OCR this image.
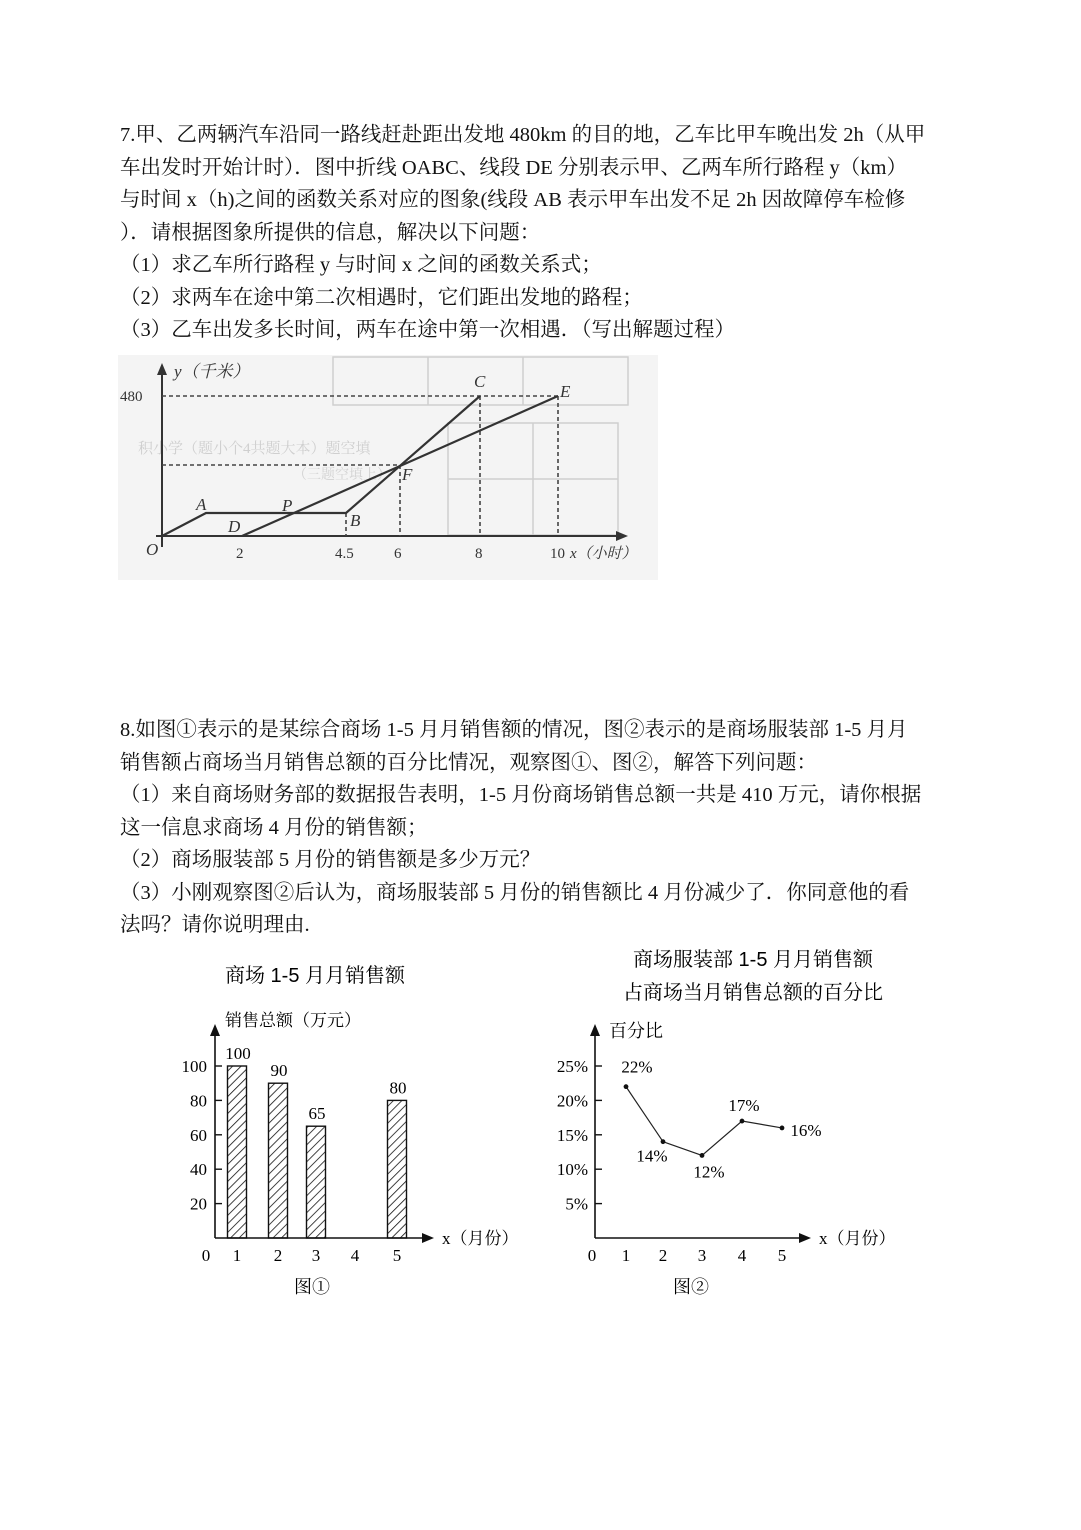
7.甲、乙两辆汽车沿同一路线赶赴距出发地 480km 的目的地，乙车比甲车晚出发 2h（从甲

车出发时开始计时）．图中折线 OABC、线段 DE 分别表示甲、乙两车所行路程 y（km）

与时间 x（h)之间的函数关系对应的图象(线段 AB 表示甲车出发不足 2h 因故障停车检修

）．请根据图象所提供的信息，解决以下问题：

（1）求乙车所行路程 y 与时间 x 之间的函数关系式；

（2）求两车在途中第二次相遇时，它们距出发地的路程；

（3）乙车出发多长时间，两车在途中第一次相遇．（写出解题过程）

积小学（题小个4共题大本）题空填
（三题空填上）
y（千米）
O
A
B
C
D
E
F
P
480
2	4.5	6	8	10 x（小时）

8.如图①表示的是某综合商场 1-5 月月销售额的情况，图②表示的是商场服装部 1-5 月月

销售额占商场当月销售总额的百分比情况，观察图①、图②，解答下列问题：

（1）来自商场财务部的数据报告表明，1-5 月份商场销售总额一共是 410 万元，请你根据

这一信息求商场 4 月份的销售额；

（2）商场服装部 5 月份的销售额是多少万元？

（3）小刚观察图②后认为，商场服装部 5 月份的销售额比 4 月份减少了．你同意他的看

法吗？请你说明理由.

商场 1-5 月月销售额
销售总额（万元）
x（月份）
0
20
40
60
80
100
1 2 3 4 5
100
90
65
80
图①
商场服装部 1-5 月月销售额
占商场当月销售总额的百分比
百分比
x（月份）
0
5%
10%
15%
20%
25%
1 2 3 4 5
22%
14%
12%
17%
16%
图②
